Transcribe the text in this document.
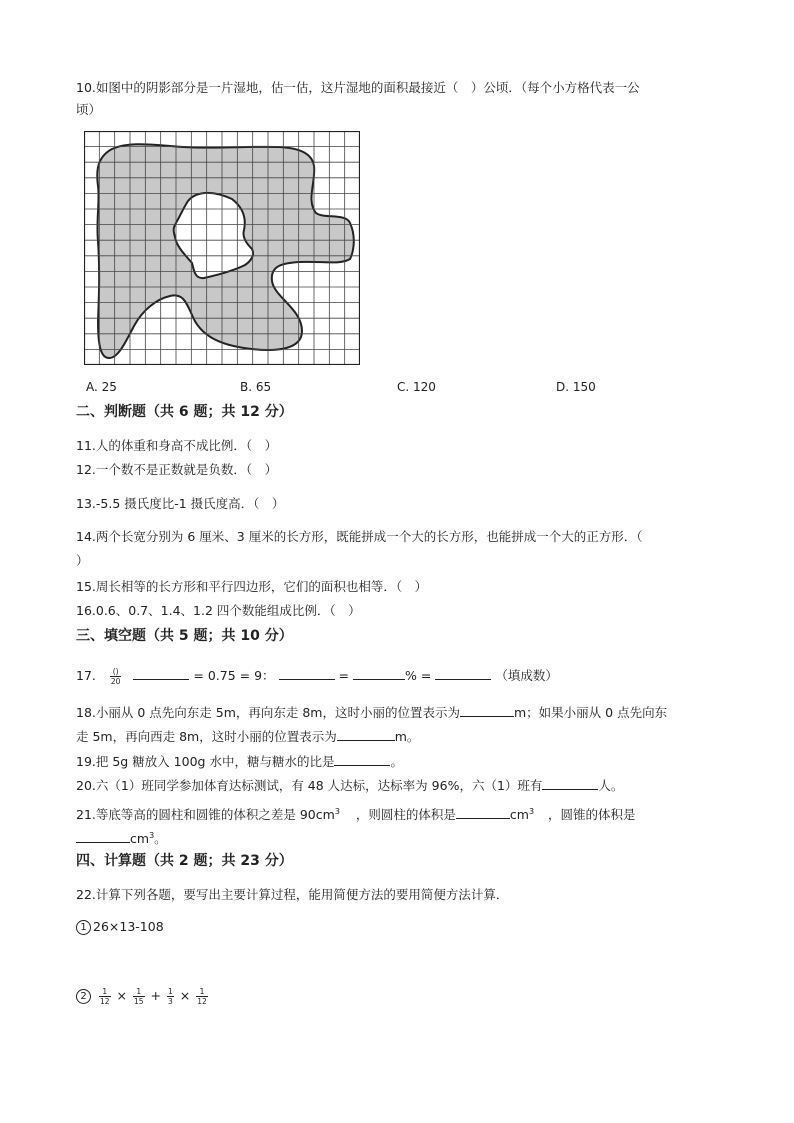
10.如图中的阴影部分是一片湿地，估一估，这片湿地的面积最接近（　）公顷．（每个小方格代表一公
顷）
A. 25	B. 65	C. 120	D. 150
二、判断题（共 6 题；共 12 分）
11.人的体重和身高不成比例．（　）
12.一个数不是正数就是负数．（　）
13.-5.5 摄氏度比-1 摄氏度高．（　）
14.两个长宽分别为 6 厘米、3 厘米的长方形，既能拼成一个大的长方形，也能拼成一个大的正方形．（
）
15.周长相等的长方形和平行四边形，它们的面积也相等．（　）
16.0.6、0.7、1.4、1.2 四个数能组成比例．（　）
三、填空题（共 5 题；共 10 分）
17. $\frac{()}{20}$	= 0.75 = 9：	=	% =	（填成数）
18.小丽从 0 点先向东走 5m，再向东走 8m，这时小丽的位置表示为	m；如果小丽从 0 点先向东
走 5m，再向西走 8m，这时小丽的位置表示为	m。
19.把 5g 糖放入 100g 水中，糖与糖水的比是	。
20.六（1）班同学参加体育达标测试，有 48 人达标，达标率为 96%，六（1）班有	人。
21.等底等高的圆柱和圆锥的体积之差是 $90cm^3$ ，则圆柱的体积是	$cm^3$ ，圆锥的体积是
$cm^3$。
四、计算题（共 2 题；共 23 分）
22.计算下列各题，要写出主要计算过程，能用简便方法的要用简便方法计算．
1 26×13-108
$2 \frac{1}{12} \times \frac{1}{15} + \frac{1}{3} \times \frac{1}{12}$
